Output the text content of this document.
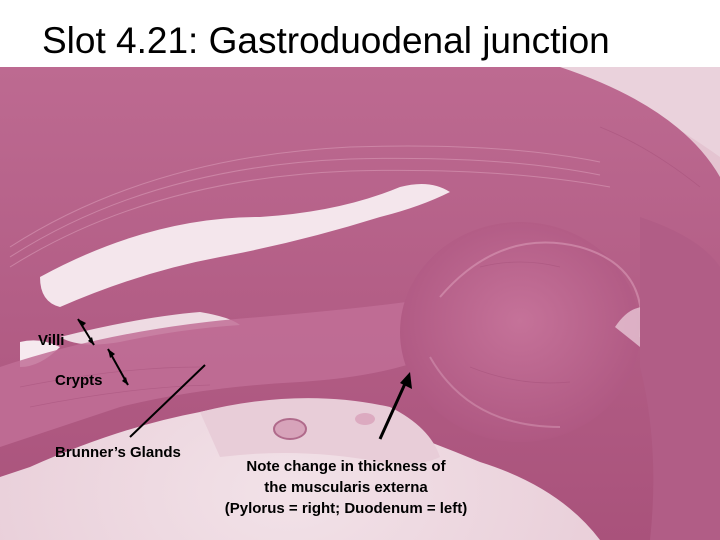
Slot 4.21: Gastroduodenal junction
Villi
Crypts
Brunner’s Glands
Note change in thickness of
the muscularis externa
(Pylorus = right; Duodenum = left)
